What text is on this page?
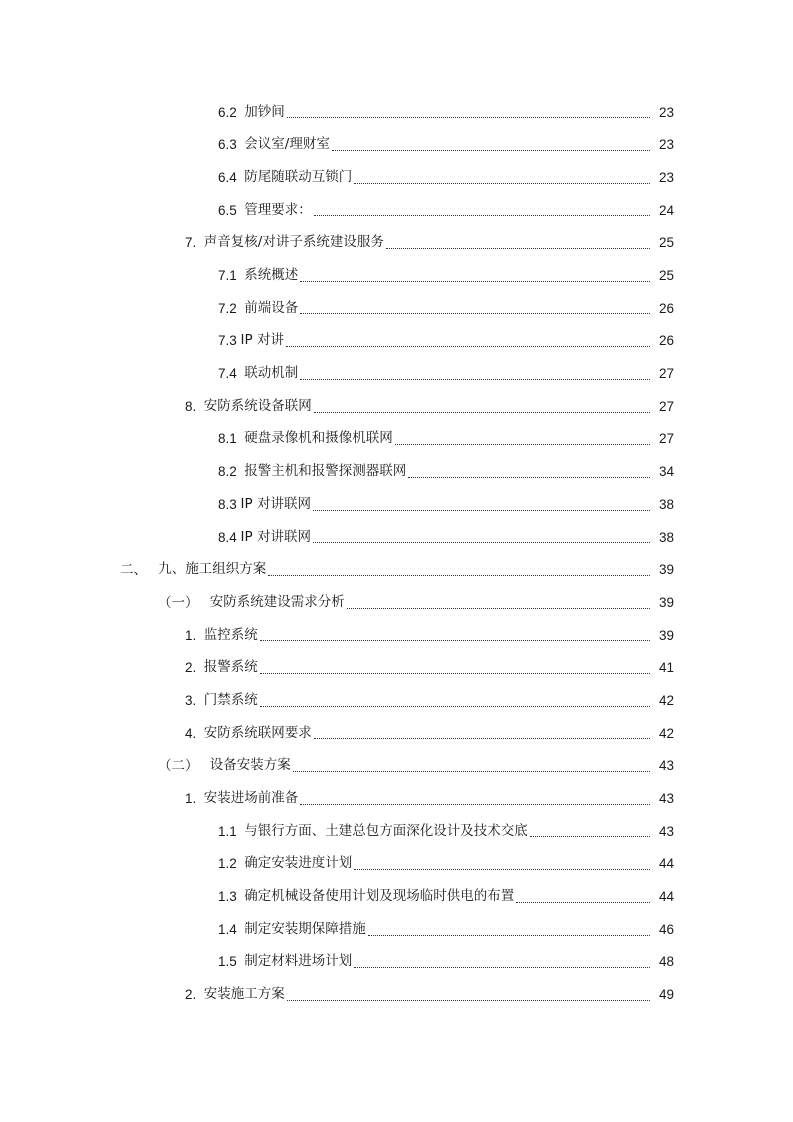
6.2 加钞间	23
6.3 会议室/理财室	23
6.4 防尾随联动互锁门	23
6.5 管理要求：	24
7. 声音复核/对讲子系统建设服务	25
7.1 系统概述	25
7.2 前端设备	26
7.3 IP 对讲	26
7.4 联动机制	27
8. 安防系统设备联网	27
8.1 硬盘录像机和摄像机联网	27
8.2 报警主机和报警探测器联网	34
8.3 IP 对讲联网	38
8.4 IP 对讲联网	38
二、 九、施工组织方案	39
（一） 安防系统建设需求分析	39
1. 监控系统	39
2. 报警系统	41
3. 门禁系统	42
4. 安防系统联网要求	42
（二） 设备安装方案	43
1. 安装进场前准备	43
1.1 与银行方面、土建总包方面深化设计及技术交底	43
1.2 确定安装进度计划	44
1.3 确定机械设备使用计划及现场临时供电的布置	44
1.4 制定安装期保障措施	46
1.5 制定材料进场计划	48
2. 安装施工方案	49
